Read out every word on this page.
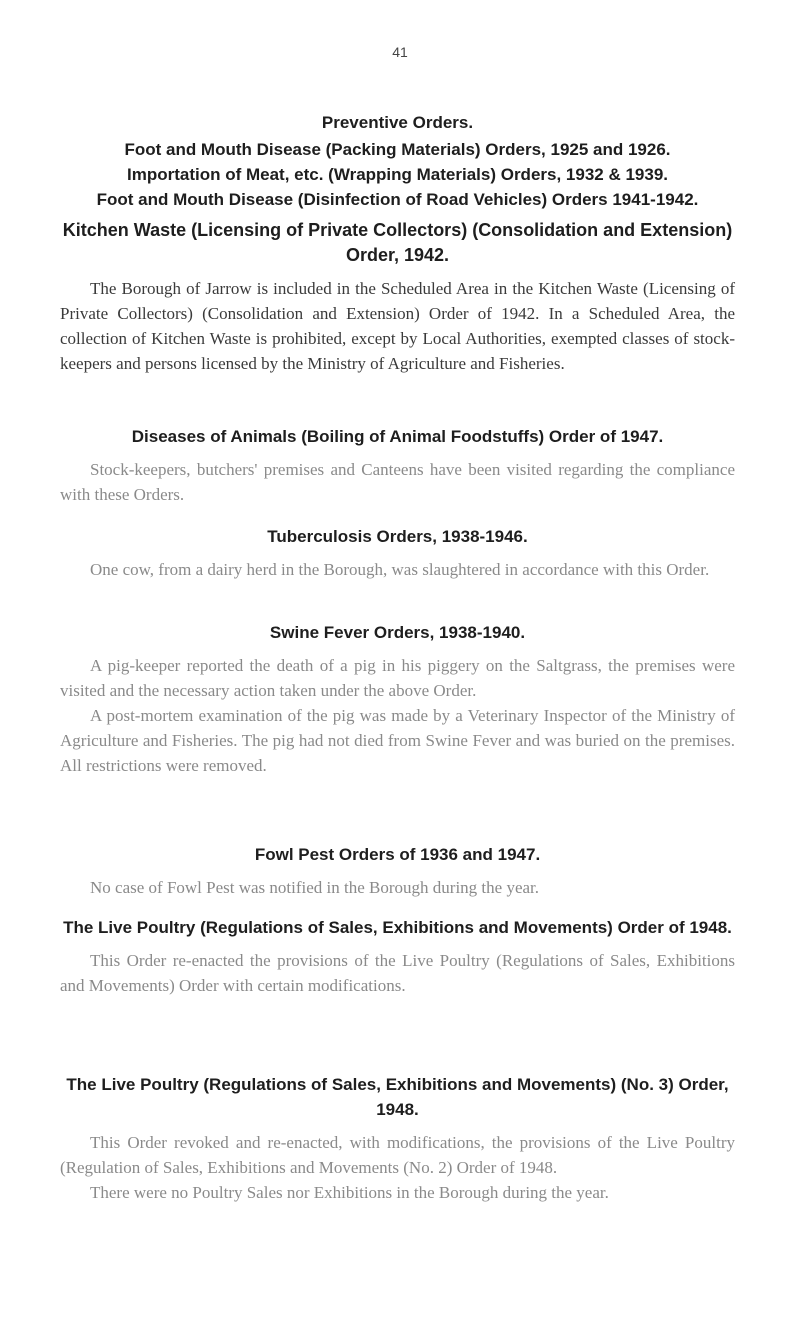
41

Preventive Orders.

Foot and Mouth Disease (Packing Materials) Orders, 1925 and 1926.

Importation of Meat, etc. (Wrapping Materials) Orders, 1932 & 1939.

Foot and Mouth Disease (Disinfection of Road Vehicles) Orders 1941-1942.

Kitchen Waste (Licensing of Private Collectors) (Consolidation and Extension) Order, 1942.

The Borough of Jarrow is included in the Scheduled Area in the Kitchen Waste (Licensing of Private Collectors) (Consolidation and Extension) Order of 1942. In a Scheduled Area, the collection of Kitchen Waste is prohibited, except by Local Authorities, exempted classes of stock-keepers and persons licensed by the Ministry of Agriculture and Fisheries.

Diseases of Animals (Boiling of Animal Foodstuffs) Order of 1947.

Stock-keepers, butchers' premises and Canteens have been visited regarding the compliance with these Orders.

Tuberculosis Orders, 1938-1946.

One cow, from a dairy herd in the Borough, was slaughtered in accordance with this Order.

Swine Fever Orders, 1938-1940.

A pig-keeper reported the death of a pig in his piggery on the Saltgrass, the premises were visited and the necessary action taken under the above Order.

A post-mortem examination of the pig was made by a Veterinary Inspector of the Ministry of Agriculture and Fisheries. The pig had not died from Swine Fever and was buried on the premises. All restrictions were removed.

Fowl Pest Orders of 1936 and 1947.

No case of Fowl Pest was notified in the Borough during the year.

The Live Poultry (Regulations of Sales, Exhibitions and Movements) Order of 1948.

This Order re-enacted the provisions of the Live Poultry (Regulations of Sales, Exhibitions and Movements) Order with certain modifications.

The Live Poultry (Regulations of Sales, Exhibitions and Movements) (No. 3) Order, 1948.

This Order revoked and re-enacted, with modifications, the provisions of the Live Poultry (Regulation of Sales, Exhibitions and Movements (No. 2) Order of 1948.

There were no Poultry Sales nor Exhibitions in the Borough during the year.
